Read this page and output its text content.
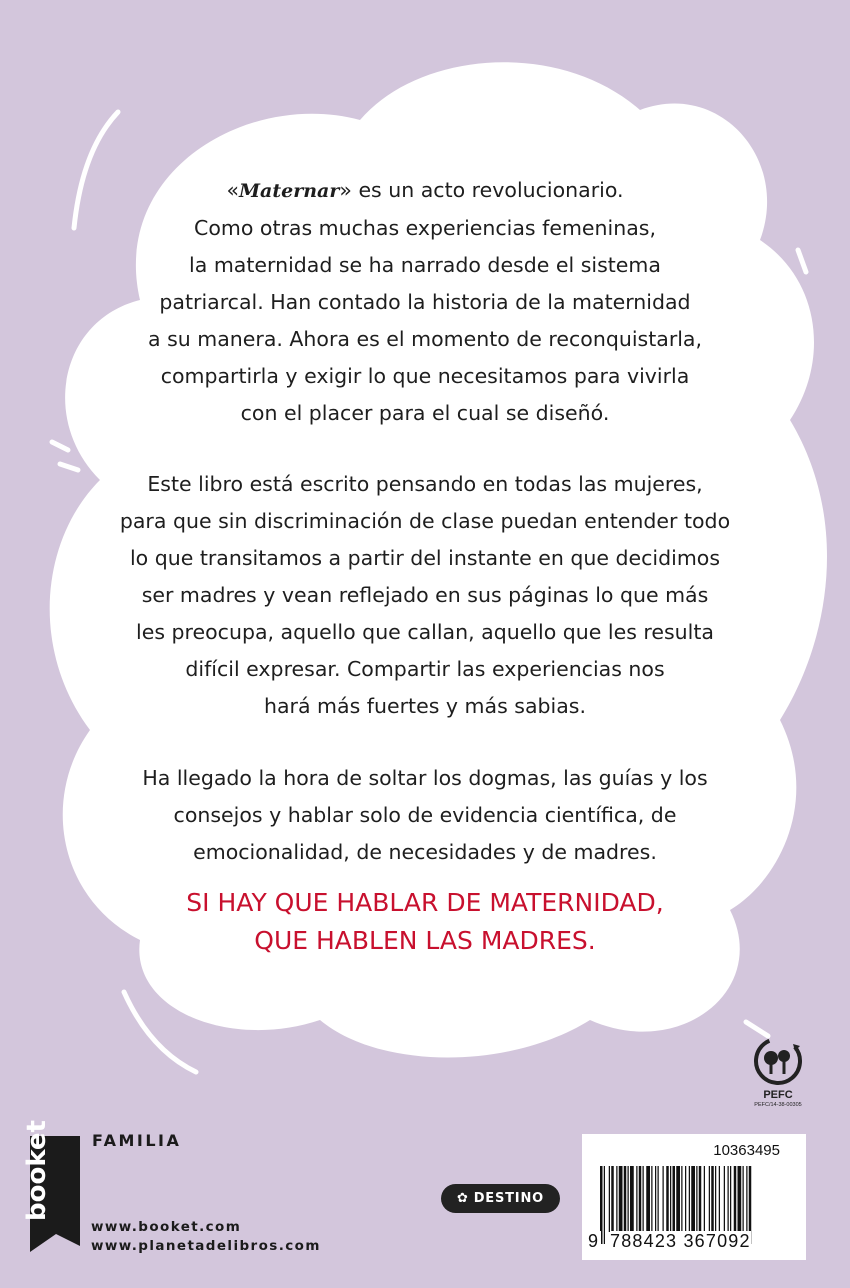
«Maternar» es un acto revolucionario.
Como otras muchas experiencias femeninas,
la maternidad se ha narrado desde el sistema
patriarcal. Han contado la historia de la maternidad
a su manera. Ahora es el momento de reconquistarla,
compartirla y exigir lo que necesitamos para vivirla
con el placer para el cual se diseñó.

Este libro está escrito pensando en todas las mujeres,
para que sin discriminación de clase puedan entender todo
lo que transitamos a partir del instante en que decidimos
ser madres y vean reflejado en sus páginas lo que más
les preocupa, aquello que callan, aquello que les resulta
difícil expresar. Compartir las experiencias nos
hará más fuertes y más sabias.

Ha llegado la hora de soltar los dogmas, las guías y los
consejos y hablar solo de evidencia científica, de
emocionalidad, de necesidades y de madres.

SI HAY QUE HABLAR DE MATERNIDAD,
QUE HABLEN LAS MADRES.

PEFC
PEFC/14-38-00305
booket	FAMILIA
www.booket.com
www.planetadelibros.com
✿ DESTINO
10363495
9 788423 367092
